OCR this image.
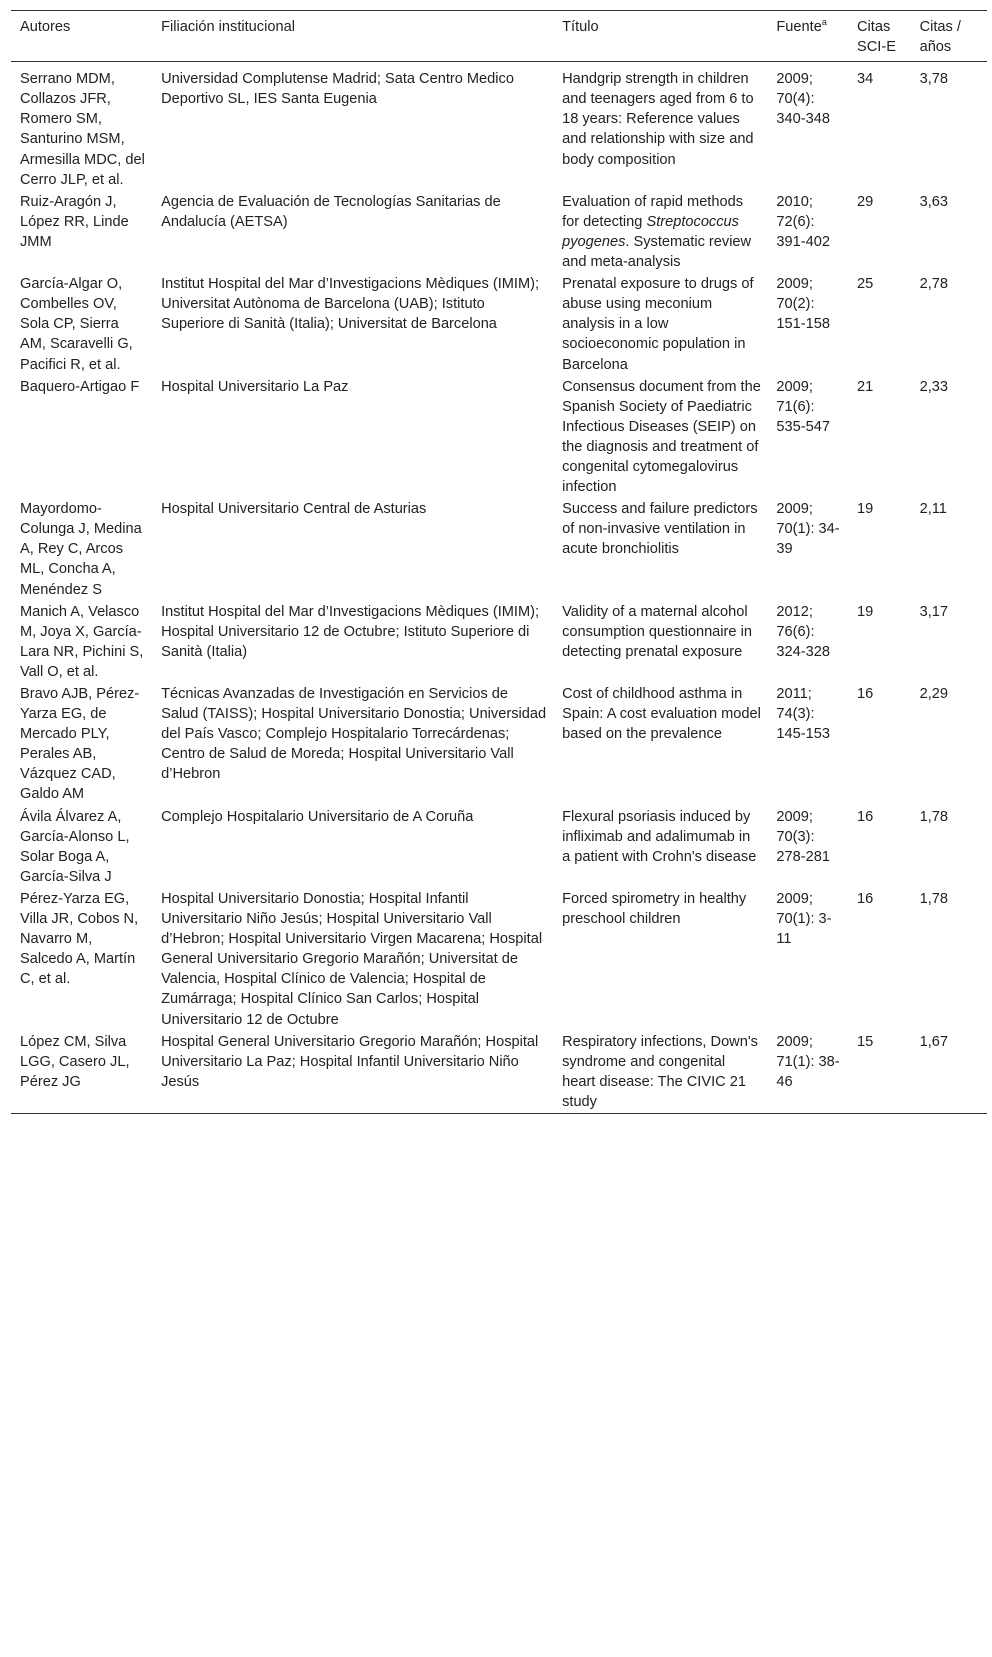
Autores	Filiación institucional	Título	Fuente$^a$	Citas SCI-E	Citas / años
Serrano MDM, Collazos JFR, Romero SM, Santurino MSM, Armesilla MDC, del Cerro JLP, et al.	Universidad Complutense Madrid; Sata Centro Medico Deportivo SL, IES Santa Eugenia	Handgrip strength in children and teenagers aged from 6 to 18 years: Reference values and relationship with size and body composition	2009; 70(4): 340-348	34	3,78
Ruiz-Aragón J, López RR, Linde JMM	Agencia de Evaluación de Tecnologías Sanitarias de Andalucía (AETSA)	Evaluation of rapid methods for detecting Streptococcus pyogenes. Systematic review and meta-analysis	2010; 72(6): 391-402	29	3,63
García-Algar O, Combelles OV, Sola CP, Sierra AM, Scaravelli G, Pacifici R, et al.	Institut Hospital del Mar d’Investigacions Mèdiques (IMIM); Universitat Autònoma de Barcelona (UAB); Istituto Superiore di Sanità (Italia); Universitat de Barcelona	Prenatal exposure to drugs of abuse using meconium analysis in a low socioeconomic population in Barcelona	2009; 70(2): 151-158	25	2,78
Baquero-Artigao F	Hospital Universitario La Paz	Consensus document from the Spanish Society of Paediatric Infectious Diseases (SEIP) on the diagnosis and treatment of congenital cytomegalovirus infection	2009; 71(6): 535-547	21	2,33
Mayordomo-Colunga J, Medina A, Rey C, Arcos ML, Concha A, Menéndez S	Hospital Universitario Central de Asturias	Success and failure predictors of non-invasive ventilation in acute bronchiolitis	2009; 70(1): 34-39	19	2,11
Manich A, Velasco M, Joya X, García-Lara NR, Pichini S, Vall O, et al.	Institut Hospital del Mar d’Investigacions Mèdiques (IMIM); Hospital Universitario 12 de Octubre; Istituto Superiore di Sanità (Italia)	Validity of a maternal alcohol consumption questionnaire in detecting prenatal exposure	2012; 76(6): 324-328	19	3,17
Bravo AJB, Pérez-Yarza EG, de Mercado PLY, Perales AB, Vázquez CAD, Galdo AM	Técnicas Avanzadas de Investigación en Servicios de Salud (TAISS); Hospital Universitario Donostia; Universidad del País Vasco; Complejo Hospitalario Torrecárdenas; Centro de Salud de Moreda; Hospital Universitario Vall d’Hebron	Cost of childhood asthma in Spain: A cost evaluation model based on the prevalence	2011; 74(3): 145-153	16	2,29
Ávila Álvarez A, García-Alonso L, Solar Boga A, García-Silva J	Complejo Hospitalario Universitario de A Coruña	Flexural psoriasis induced by infliximab and adalimumab in a patient with Crohn's disease	2009; 70(3): 278-281	16	1,78
Pérez-Yarza EG, Villa JR, Cobos N, Navarro M, Salcedo A, Martín C, et al.	Hospital Universitario Donostia; Hospital Infantil Universitario Niño Jesús; Hospital Universitario Vall d’Hebron; Hospital Universitario Virgen Macarena; Hospital General Universitario Gregorio Marañón; Universitat de Valencia, Hospital Clínico de Valencia; Hospital de Zumárraga; Hospital Clínico San Carlos; Hospital Universitario 12 de Octubre	Forced spirometry in healthy preschool children	2009; 70(1): 3-11	16	1,78
López CM, Silva LGG, Casero JL, Pérez JG	Hospital General Universitario Gregorio Marañón; Hospital Universitario La Paz; Hospital Infantil Universitario Niño Jesús	Respiratory infections, Down's syndrome and congenital heart disease: The CIVIC 21 study	2009; 71(1): 38-46	15	1,67
